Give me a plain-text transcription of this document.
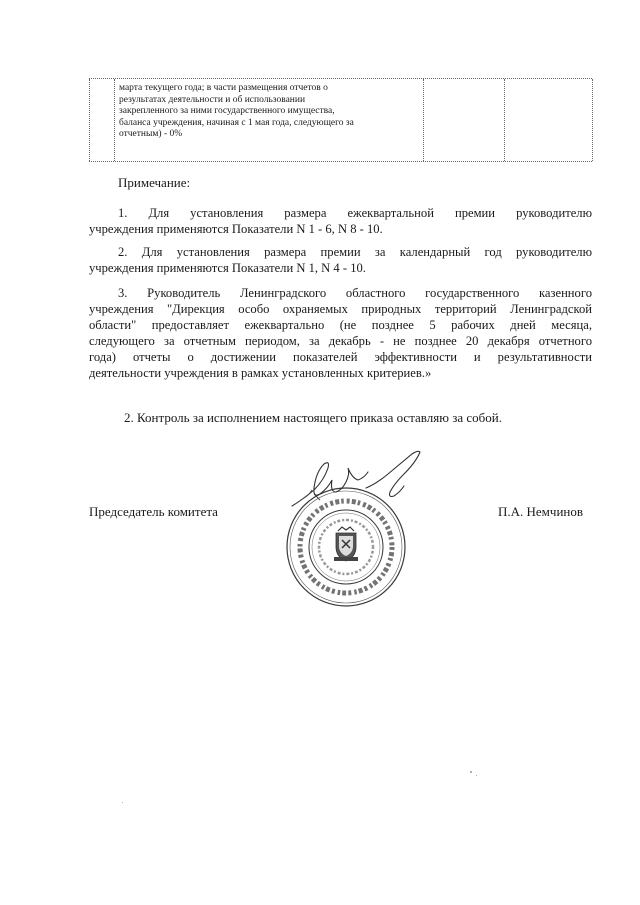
марта текущего года; в части размещения отчетов о
результатах деятельности и об использовании
закрепленного за ними государственного имущества,
баланса учреждения, начиная с 1 мая года, следующего за
отчетным) - 0%
Примечание:
1. Для установления размера ежеквартальной премии руководителю
учреждения применяются Показатели N 1 - 6, N 8 - 10.
2. Для установления размера премии за календарный год руководителю
учреждения применяются Показатели N 1, N 4 - 10.
3. Руководитель Ленинградского областного государственного казенного
учреждения "Дирекция особо охраняемых природных территорий Ленинградской
области" предоставляет ежеквартально (не позднее 5 рабочих дней месяца,
следующего за отчетным периодом, за декабрь - не позднее 20 декабря отчетного
года) отчеты о достижении показателей эффективности и результативности
деятельности учреждения в рамках установленных критериев.»
2. Контроль за исполнением настоящего приказа оставляю за собой.
Председатель комитета	П.А. Немчинов
